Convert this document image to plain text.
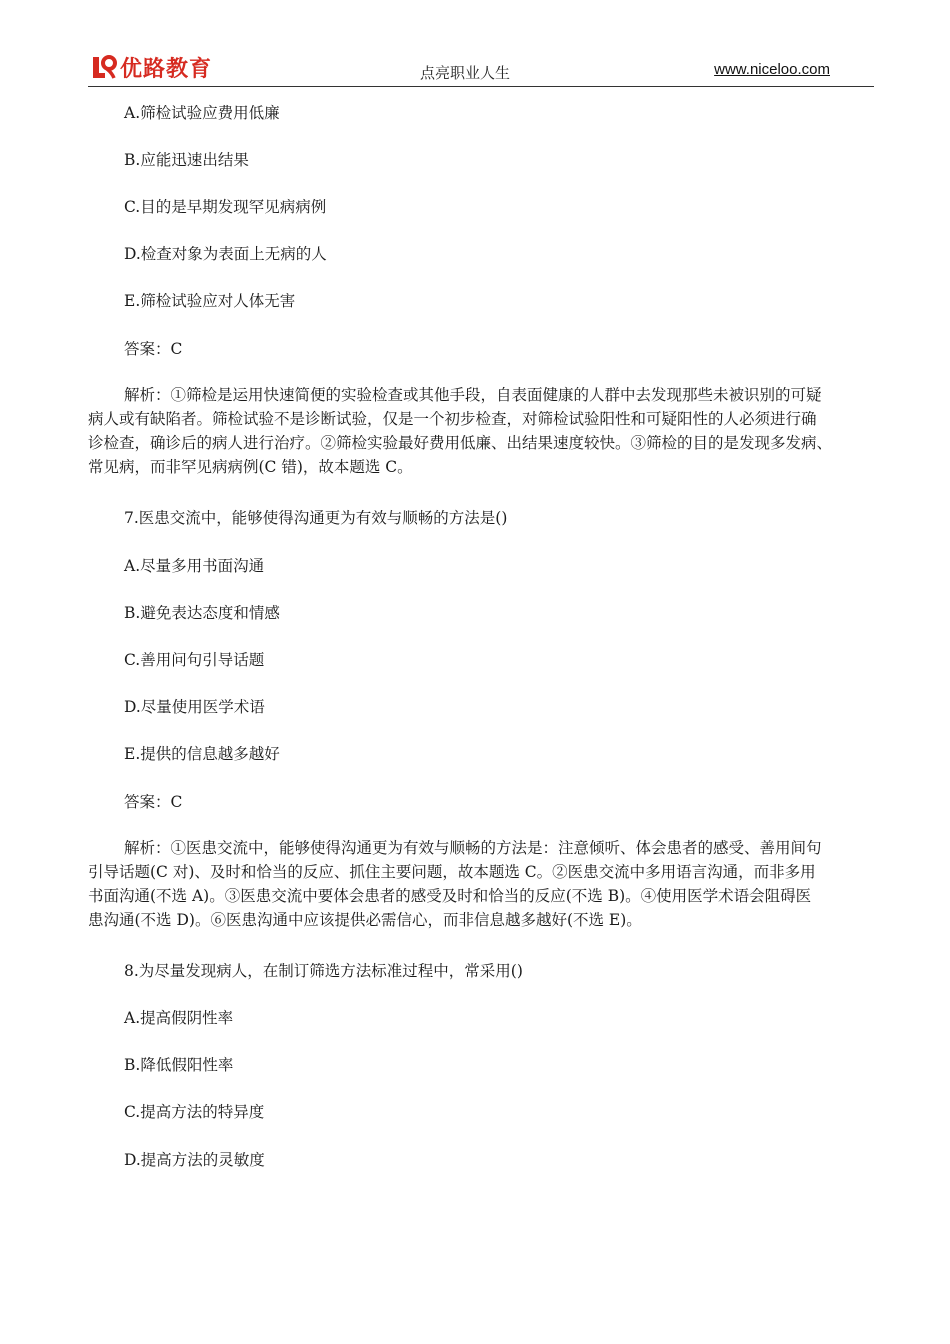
优路教育	点亮职业人生	www.niceloo.com
A.筛检试验应费用低廉
B.应能迅速出结果
C.目的是早期发现罕见病病例
D.检查对象为表面上无病的人
E.筛检试验应对人体无害
答案：C
解析：①筛检是运用快速简便的实验检查或其他手段，自表面健康的人群中去发现那些未被识别的可疑
病人或有缺陷者。筛检试验不是诊断试验，仅是一个初步检查，对筛检试验阳性和可疑阳性的人必须进行确
诊检查，确诊后的病人进行治疗。②筛检实验最好费用低廉、出结果速度较快。③筛检的目的是发现多发病、
常见病，而非罕见病病例(C 错)，故本题选 C。
7.医患交流中，能够使得沟通更为有效与顺畅的方法是()
A.尽量多用书面沟通
B.避免表达态度和情感
C.善用问句引导话题
D.尽量使用医学术语
E.提供的信息越多越好
答案：C
解析：①医患交流中，能够使得沟通更为有效与顺畅的方法是：注意倾听、体会患者的感受、善用间句
引导话题(C 对)、及时和恰当的反应、抓住主要问题，故本题选 C。②医患交流中多用语言沟通，而非多用
书面沟通(不选 A)。③医患交流中要体会患者的感受及时和恰当的反应(不选 B)。④使用医学术语会阻碍医
患沟通(不选 D)。⑥医患沟通中应该提供必需信心，而非信息越多越好(不选 E)。
8.为尽量发现病人，在制订筛选方法标准过程中，常采用()
A.提高假阴性率
B.降低假阳性率
C.提高方法的特异度
D.提高方法的灵敏度
